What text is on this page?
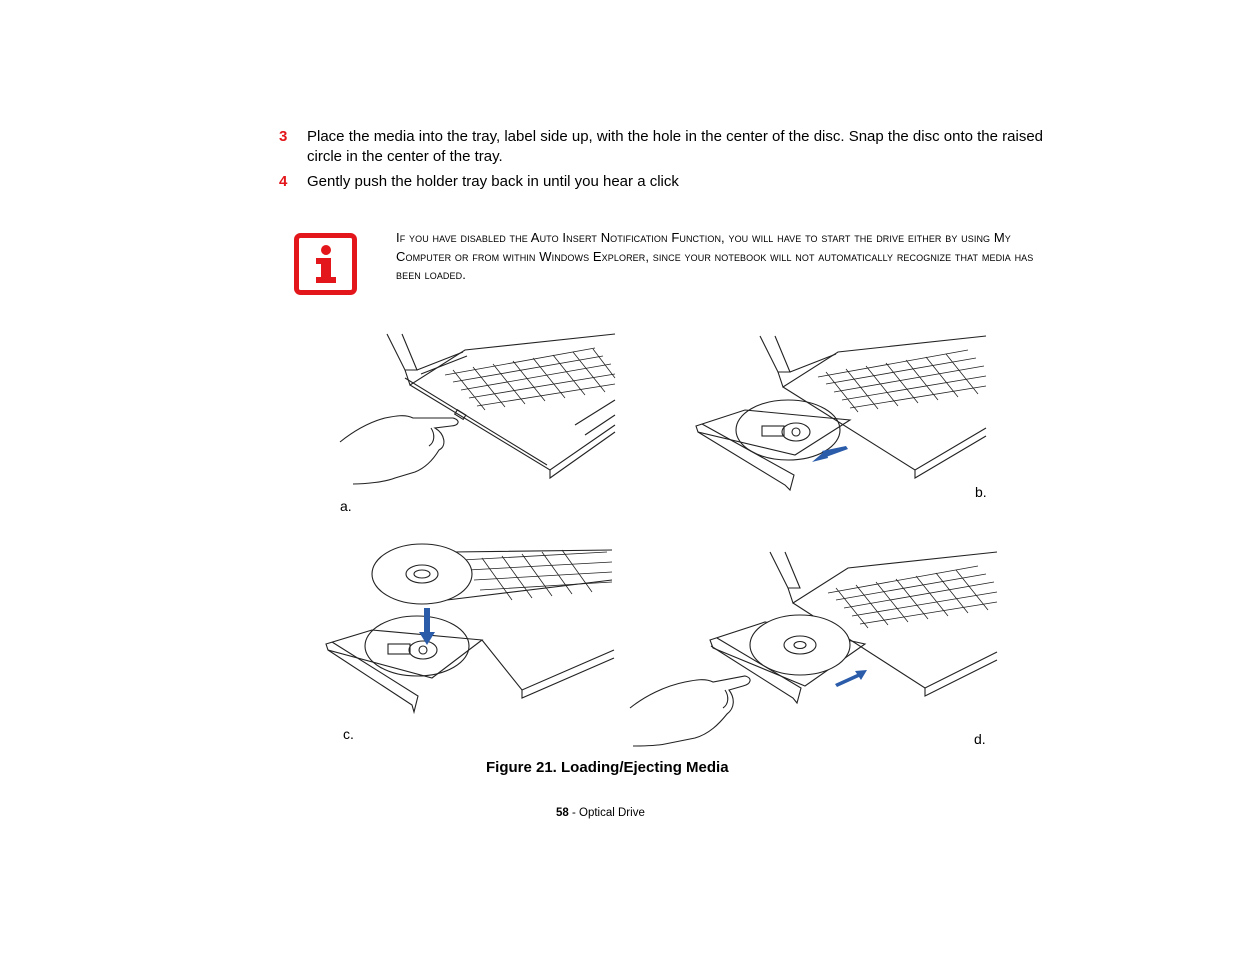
3 Place the media into the tray, label side up, with the hole in the center of the disc. Snap the disc onto the raised circle in the center of the tray.
4 Gently push the holder tray back in until you hear a click
If you have disabled the Auto Insert Notification Function, you will have to start the drive either by using My Computer or from within Windows Explorer, since your notebook will not automatically recognize that media has been loaded.
a.
b.
c.	d.
Figure 21. Loading/Ejecting Media
58 - Optical Drive
